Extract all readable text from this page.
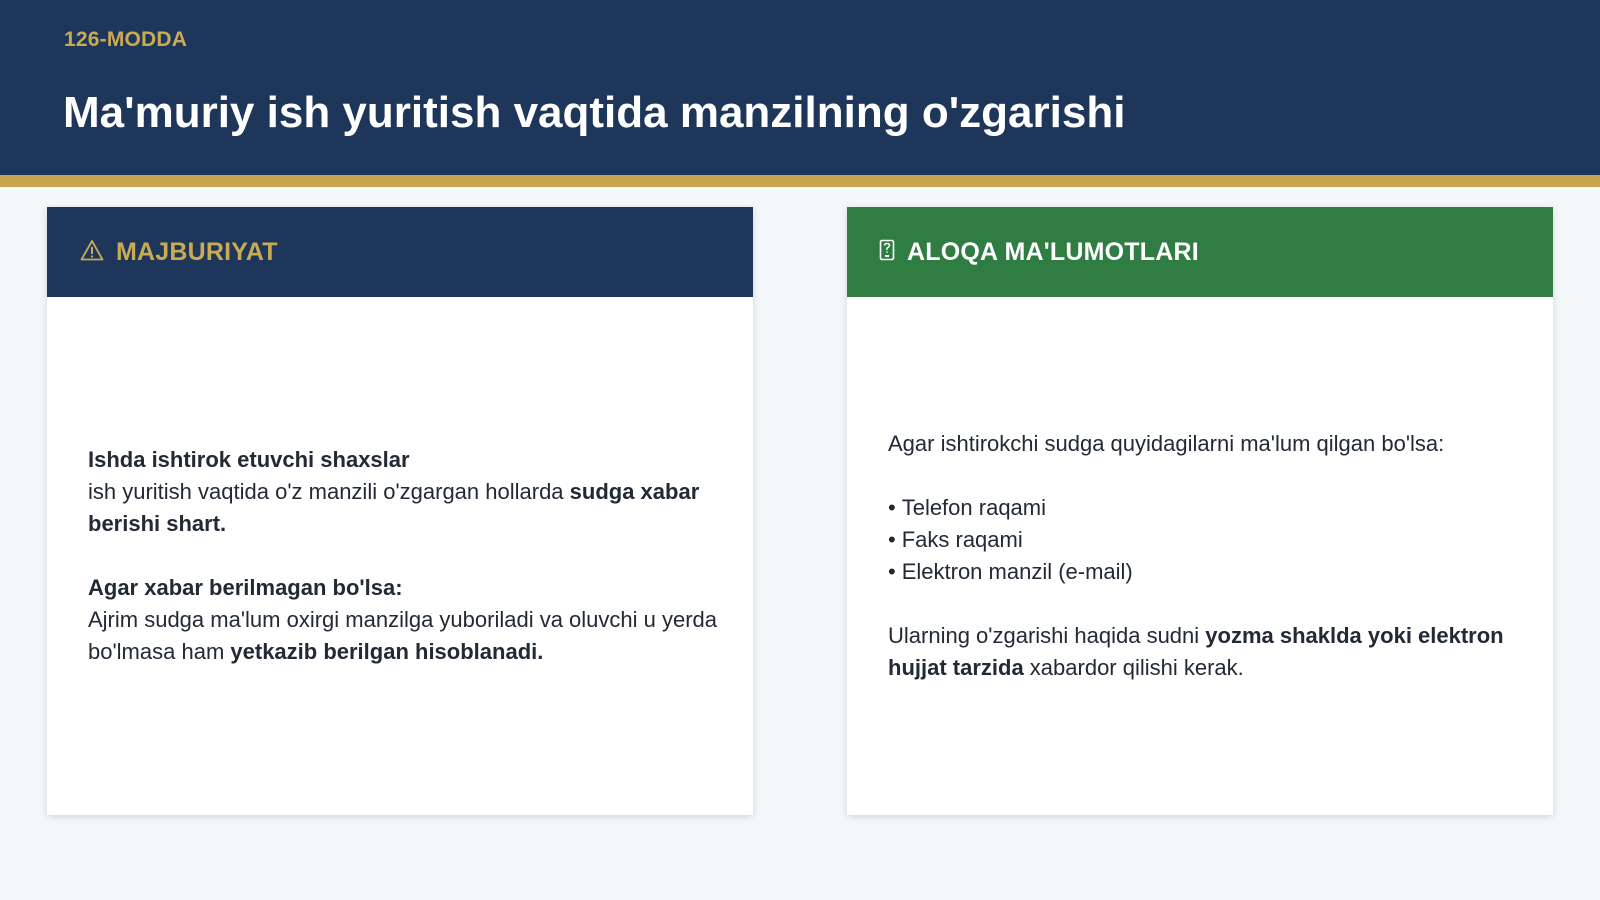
126-MODDA
Ma'muriy ish yuritish vaqtida manzilning o'zgarishi
MAJBURIYAT
Ishda ishtirok etuvchi shaxslar
ish yuritish vaqtida o'z manzili o'zgargan hollarda sudga xabar berishi shart.
Agar xabar berilmagan bo'lsa:
Ajrim sudga ma'lum oxirgi manzilga yuboriladi va oluvchi u yerda bo'lmasa ham yetkazib berilgan hisoblanadi.
ALOQA MA'LUMOTLARI
Agar ishtirokchi sudga quyidagilarni ma'lum qilgan bo'lsa:
• Telefon raqami
• Faks raqami
• Elektron manzil (e-mail)
Ularning o'zgarishi haqida sudni yozma shaklda yoki elektron hujjat tarzida xabardor qilishi kerak.
